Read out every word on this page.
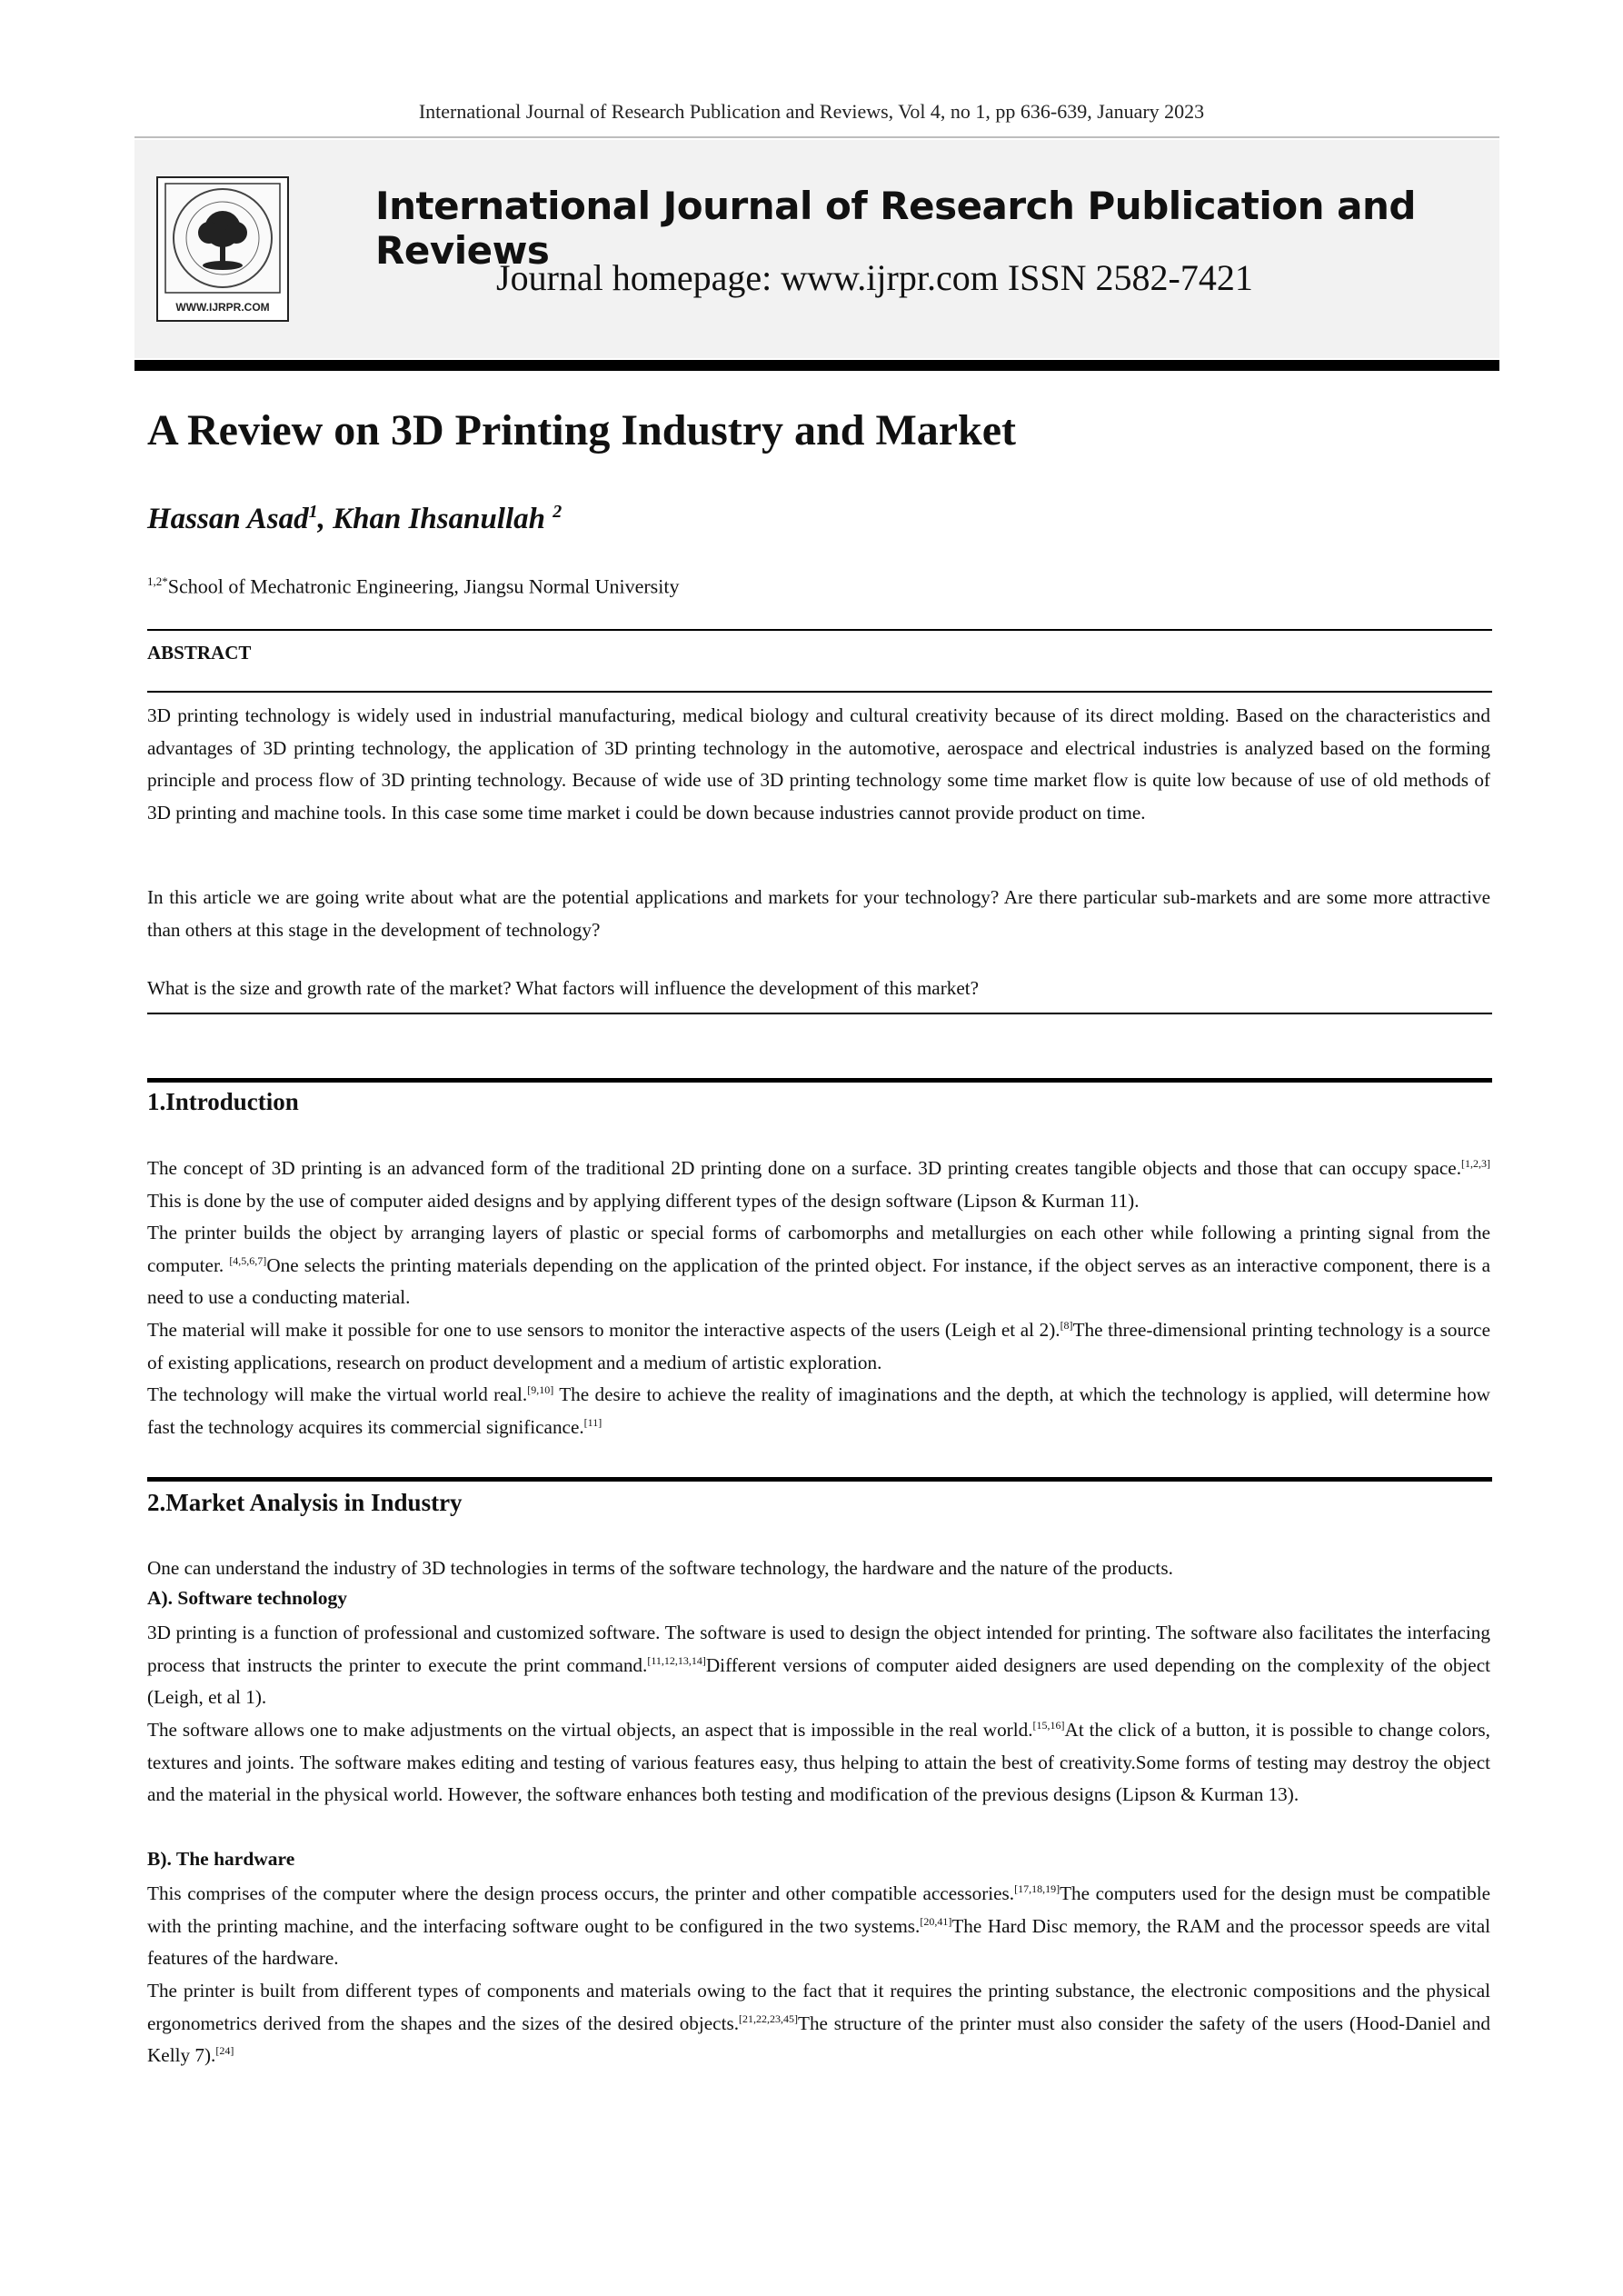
International Journal of Research Publication and Reviews, Vol 4, no 1, pp 636-639, January 2023
WWW.IJRPR.COM
International Journal of Research Publication and Reviews
Journal homepage: www.ijrpr.com ISSN 2582-7421
A Review on 3D Printing Industry and Market
Hassan Asad$^1$, Khan Ihsanullah $^2$
$^{1,2*}$School of Mechatronic Engineering, Jiangsu Normal University
ABSTRACT

3D printing technology is widely used in industrial manufacturing, medical biology and cultural creativity because of its direct molding. Based on the characteristics and advantages of 3D printing technology, the application of 3D printing technology in the automotive, aerospace and electrical industries is analyzed based on the forming principle and process flow of 3D printing technology. Because of wide use of 3D printing technology some time market flow is quite low because of use of old methods of 3D printing and machine tools. In this case some time market i could be down because industries cannot provide product on time.

In this article we are going write about what are the potential applications and markets for your technology? Are there particular sub-markets and are some more attractive than others at this stage in the development of technology?

What is the size and growth rate of the market? What factors will influence the development of this market?

1.Introduction

The concept of 3D printing is an advanced form of the traditional 2D printing done on a surface. 3D printing creates tangible objects and those that can occupy space.[1,2,3] This is done by the use of computer aided designs and by applying different types of the design software (Lipson & Kurman 11).

The printer builds the object by arranging layers of plastic or special forms of carbomorphs and metallurgies on each other while following a printing signal from the computer. [4,5,6,7]One selects the printing materials depending on the application of the printed object. For instance, if the object serves as an interactive component, there is a need to use a conducting material.

The material will make it possible for one to use sensors to monitor the interactive aspects of the users (Leigh et al 2).[8]The three-dimensional printing technology is a source of existing applications, research on product development and a medium of artistic exploration.

The technology will make the virtual world real.[9,10] The desire to achieve the reality of imaginations and the depth, at which the technology is applied, will determine how fast the technology acquires its commercial significance.[11]

2.Market Analysis in Industry

One can understand the industry of 3D technologies in terms of the software technology, the hardware and the nature of the products.

A). Software technology

3D printing is a function of professional and customized software. The software is used to design the object intended for printing. The software also facilitates the interfacing process that instructs the printer to execute the print command.[11,12,13,14]Different versions of computer aided designers are used depending on the complexity of the object (Leigh, et al 1).

The software allows one to make adjustments on the virtual objects, an aspect that is impossible in the real world.[15,16]At the click of a button, it is possible to change colors, textures and joints. The software makes editing and testing of various features easy, thus helping to attain the best of creativity.Some forms of testing may destroy the object and the material in the physical world. However, the software enhances both testing and modification of the previous designs (Lipson & Kurman 13).

B). The hardware

This comprises of the computer where the design process occurs, the printer and other compatible accessories.[17,18,19]The computers used for the design must be compatible with the printing machine, and the interfacing software ought to be configured in the two systems.[20,41]The Hard Disc memory, the RAM and the processor speeds are vital features of the hardware.

The printer is built from different types of components and materials owing to the fact that it requires the printing substance, the electronic compositions and the physical ergonometrics derived from the shapes and the sizes of the desired objects.[21,22,23,45]The structure of the printer must also consider the safety of the users (Hood-Daniel and Kelly 7).[24]
